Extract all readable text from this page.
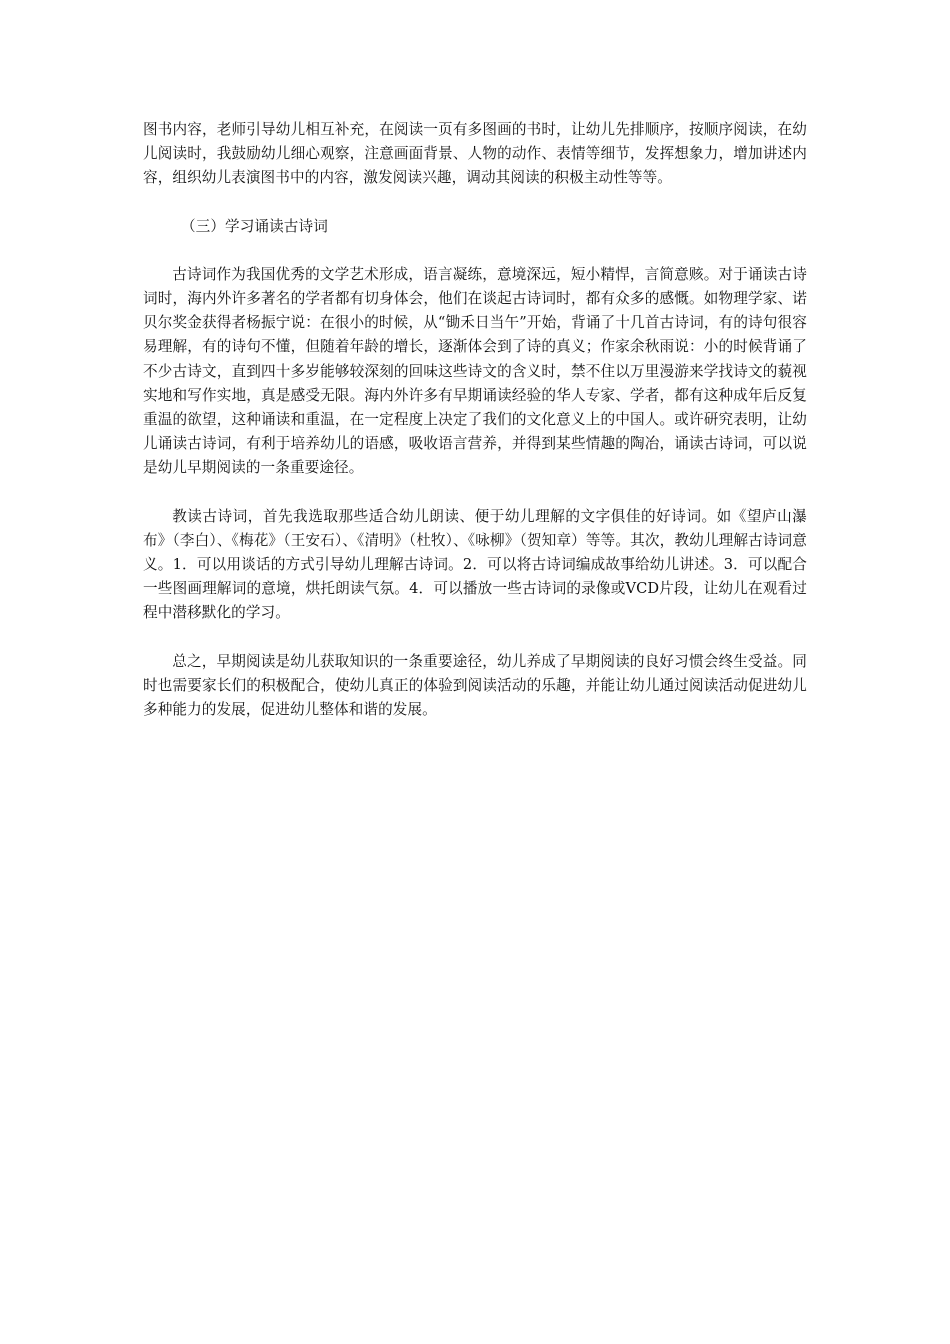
图书内容，老师引导幼儿相互补充，在阅读一页有多图画的书时，让幼儿先排顺序，按顺序阅读，在幼儿阅读时，我鼓励幼儿细心观察，注意画面背景、人物的动作、表情等细节，发挥想象力，增加讲述内容，组织幼儿表演图书中的内容，激发阅读兴趣，调动其阅读的积极主动性等等。

（三）学习诵读古诗词

古诗词作为我国优秀的文学艺术形成，语言凝练，意境深远，短小精悍，言简意赅。对于诵读古诗词时，海内外许多著名的学者都有切身体会，他们在谈起古诗词时，都有众多的感慨。如物理学家、诺贝尔奖金获得者杨振宁说：在很小的时候，从“锄禾日当午”开始，背诵了十几首古诗词，有的诗句很容易理解，有的诗句不懂，但随着年龄的增长，逐渐体会到了诗的真义；作家余秋雨说：小的时候背诵了不少古诗文，直到四十多岁能够较深刻的回味这些诗文的含义时，禁不住以万里漫游来学找诗文的藐视实地和写作实地，真是感受无限。海内外许多有早期诵读经验的华人专家、学者，都有这种成年后反复重温的欲望，这种诵读和重温，在一定程度上决定了我们的文化意义上的中国人。或许研究表明，让幼儿诵读古诗词，有利于培养幼儿的语感，吸收语言营养，并得到某些情趣的陶冶，诵读古诗词，可以说是幼儿早期阅读的一条重要途径。

教读古诗词，首先我选取那些适合幼儿朗读、便于幼儿理解的文字俱佳的好诗词。如《望庐山瀑布》（李白）、《梅花》（王安石）、《清明》（杜牧）、《咏柳》（贺知章）等等。其次，教幼儿理解古诗词意义。1．可以用谈话的方式引导幼儿理解古诗词。2．可以将古诗词编成故事给幼儿讲述。3．可以配合一些图画理解词的意境，烘托朗读气氛。4．可以播放一些古诗词的录像或VCD片段，让幼儿在观看过程中潜移默化的学习。

总之，早期阅读是幼儿获取知识的一条重要途径，幼儿养成了早期阅读的良好习惯会终生受益。同时也需要家长们的积极配合，使幼儿真正的体验到阅读活动的乐趣，并能让幼儿通过阅读活动促进幼儿多种能力的发展，促进幼儿整体和谐的发展。
